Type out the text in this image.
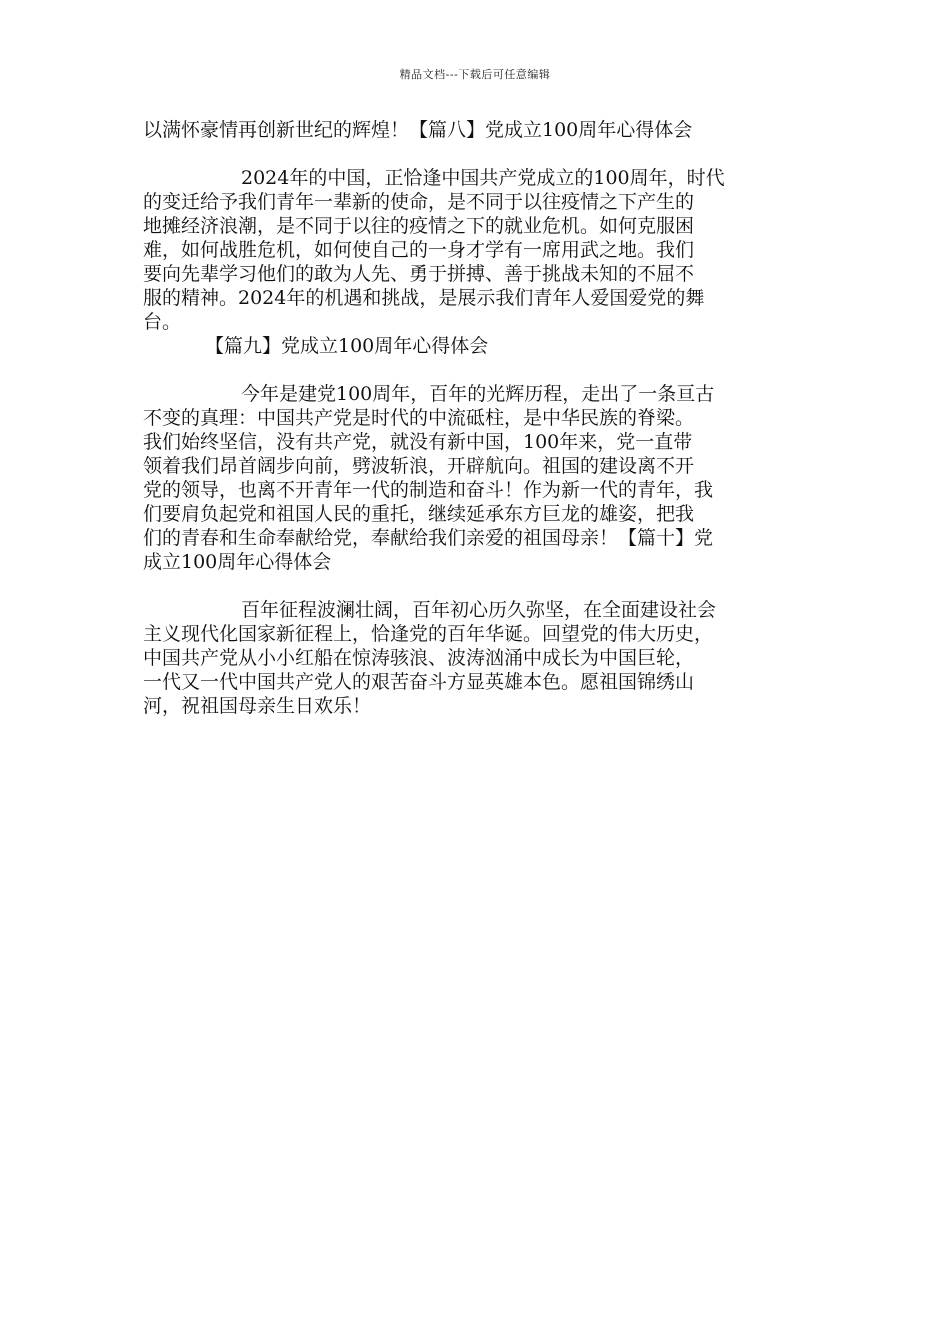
精品文档---下载后可任意编辑
以满怀豪情再创新世纪的辉煌！【篇八】党成立100周年心得体会
2024年的中国，正恰逢中国共产党成立的100周年，时代
的变迁给予我们青年一辈新的使命，是不同于以往疫情之下产生的
地摊经济浪潮，是不同于以往的疫情之下的就业危机。如何克服困
难，如何战胜危机，如何使自己的一身才学有一席用武之地。我们
要向先辈学习他们的敢为人先、勇于拼搏、善于挑战未知的不屈不
服的精神。2024年的机遇和挑战，是展示我们青年人爱国爱党的舞
台。
【篇九】党成立100周年心得体会
今年是建党100周年，百年的光辉历程，走出了一条亘古
不变的真理：中国共产党是时代的中流砥柱，是中华民族的脊梁。
我们始终坚信，没有共产党，就没有新中国，100年来，党一直带
领着我们昂首阔步向前，劈波斩浪，开辟航向。祖国的建设离不开
党的领导，也离不开青年一代的制造和奋斗！作为新一代的青年，我
们要肩负起党和祖国人民的重托，继续延承东方巨龙的雄姿，把我
们的青春和生命奉献给党，奉献给我们亲爱的祖国母亲！【篇十】党
成立100周年心得体会
百年征程波澜壮阔，百年初心历久弥坚，在全面建设社会
主义现代化国家新征程上，恰逢党的百年华诞。回望党的伟大历史，
中国共产党从小小红船在惊涛骇浪、波涛汹涌中成长为中国巨轮，
一代又一代中国共产党人的艰苦奋斗方显英雄本色。愿祖国锦绣山
河，祝祖国母亲生日欢乐！
